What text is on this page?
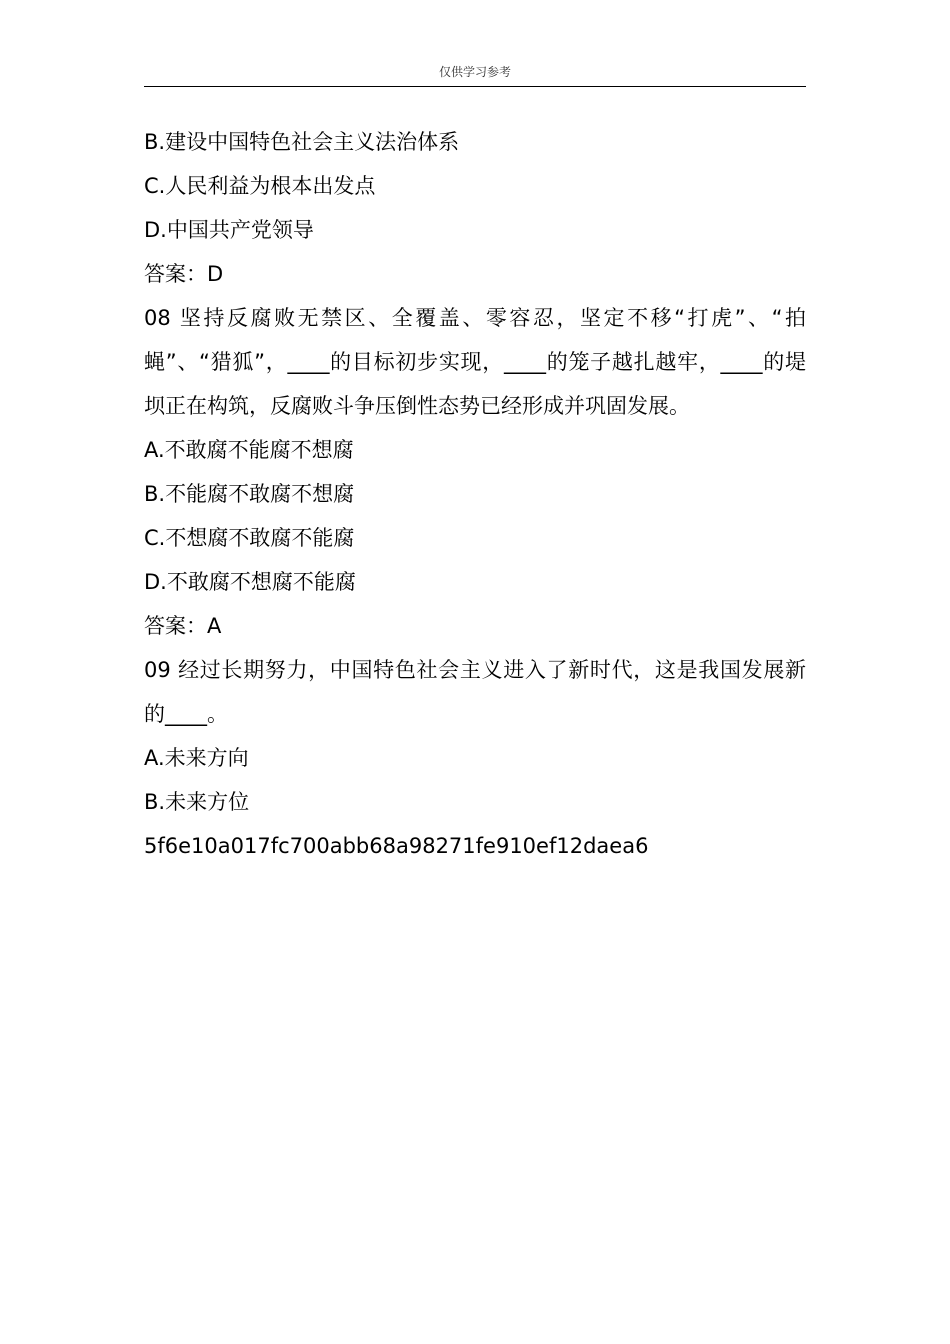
仅供学习参考
B.建设中国特色社会主义法治体系
C.人民利益为根本出发点
D.中国共产党领导
答案：D
08 坚持反腐败无禁区、全覆盖、零容忍，坚定不移“打虎”、“拍蝇”、“猎狐”，____的目标初步实现，____的笼子越扎越牢，____的堤坝正在构筑，反腐败斗争压倒性态势已经形成并巩固发展。
A.不敢腐不能腐不想腐
B.不能腐不敢腐不想腐
C.不想腐不敢腐不能腐
D.不敢腐不想腐不能腐
答案：A
09 经过长期努力，中国特色社会主义进入了新时代，这是我国发展新的____。
A.未来方向
B.未来方位
5f6e10a017fc700abb68a98271fe910ef12daea6
